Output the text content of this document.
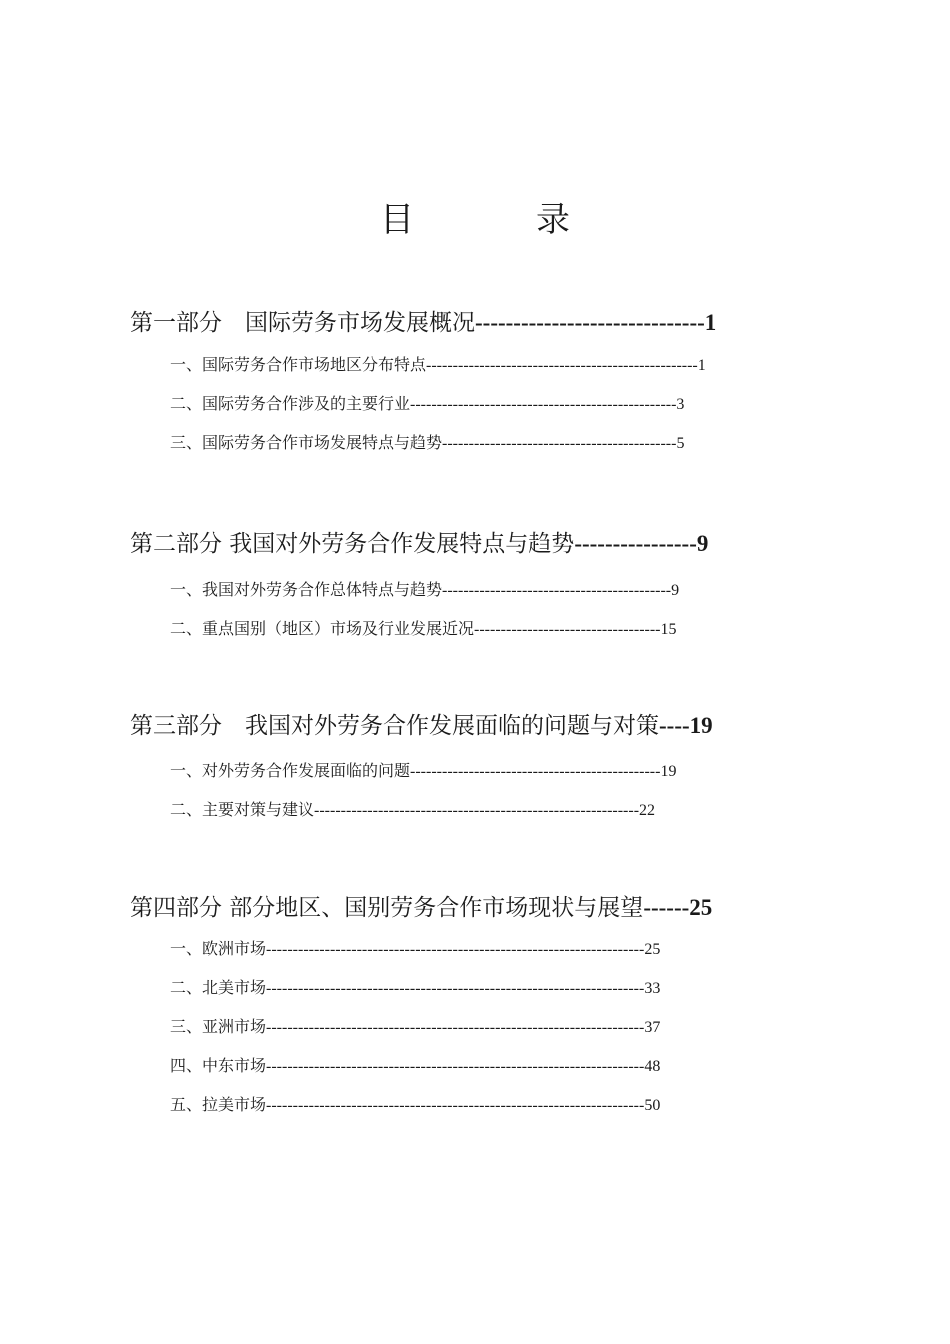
目　录
第一部分　国际劳务市场发展概况------------------------------1
一、国际劳务合作市场地区分布特点---------------------------------------------------1
二、国际劳务合作涉及的主要行业--------------------------------------------------3
三、国际劳务合作市场发展特点与趋势--------------------------------------------5
第二部分 我国对外劳务合作发展特点与趋势----------------9
一、我国对外劳务合作总体特点与趋势-------------------------------------------9
二、重点国别（地区）市场及行业发展近况-----------------------------------15
第三部分　我国对外劳务合作发展面临的问题与对策----19
一、对外劳务合作发展面临的问题-----------------------------------------------19
二、主要对策与建议-------------------------------------------------------------22
第四部分 部分地区、国别劳务合作市场现状与展望------25
一、欧洲市场-----------------------------------------------------------------------25
二、北美市场-----------------------------------------------------------------------33
三、亚洲市场-----------------------------------------------------------------------37
四、中东市场-----------------------------------------------------------------------48
五、拉美市场-----------------------------------------------------------------------50
